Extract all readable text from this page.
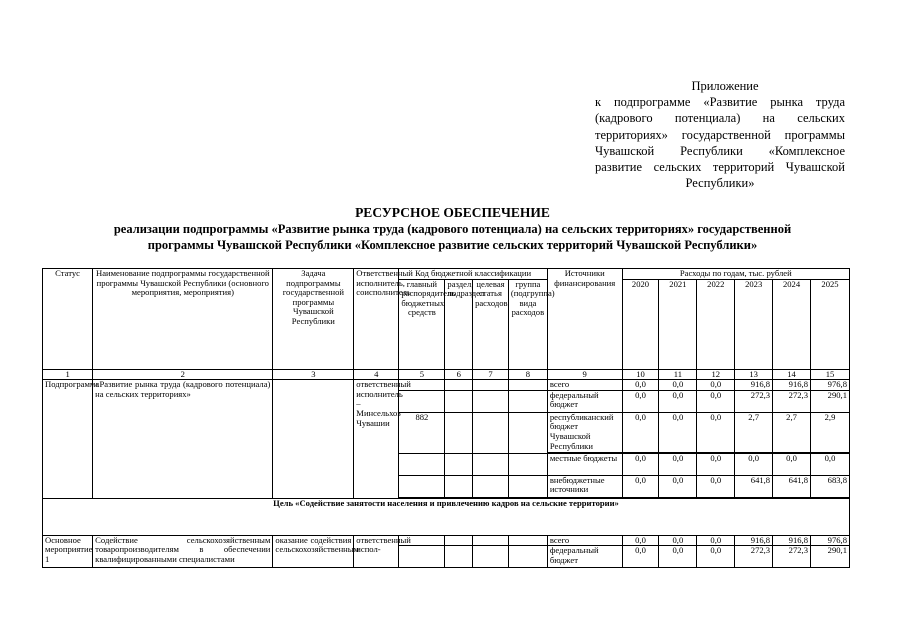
Приложение
к подпрограмме «Развитие рынка труда (кадрового потенциала) на сельских территориях» государственной программы Чувашской Республики «Комплексное развитие сельских территорий Чувашской Республики»
РЕСУРСНОЕ ОБЕСПЕЧЕНИЕ
реализации подпрограммы «Развитие рынка труда (кадрового потенциала) на сельских территориях» государственной
программы Чувашской Республики «Комплексное развитие сельских территорий Чувашской Республики»
Статус	Наименование подпрограммы государственной программы Чувашской Республики (основного мероприятия, мероприятия)	Задача подпрограммы государственной программы Чувашской Республики	Ответственный исполнитель, соисполнитель	Код бюджетной классификации				Источники финансирования	Расходы по годам, тыс. рублей					
				главный распорядитель бюджетных средств	раздел, подраздел	целевая статья расходов	группа (подгруппа) вида расходов		2020	2021	2022	2023	2024	2025
1	2	3	4	5	6	7	8	9	10	11	12	13	14	15
Подпрограмма	«Развитие рынка труда (кадрового потенциала) на сельских территориях»		ответственный исполнитель – Минсельхоз Чувашии					всего	0,0	0,0	0,0	916,8	916,8	976,8
								федеральный бюджет	0,0	0,0	0,0	272,3	272,3	290,1
				882				республиканский бюджет Чувашской Республики	0,0	0,0	0,0	2,7	2,7	2,9

								местные бюджеты	0,0	0,0	0,0	0,0	0,0	0,0
								внебюджетные источники	0,0	0,0	0,0	641,8	641,8	683,8

Цель «Содействие занятости населения и привлечению кадров на сельские территории»														
Основное мероприятие 1	Содействие сельскохозяйственным товаропроизводителям в обеспечении квалифицированными специалистами	оказание содействия сельскохозяйственным	ответственный испол-					всего	0,0	0,0	0,0	916,8	916,8	976,8
								федеральный бюджет	0,0	0,0	0,0	272,3	272,3	290,1
